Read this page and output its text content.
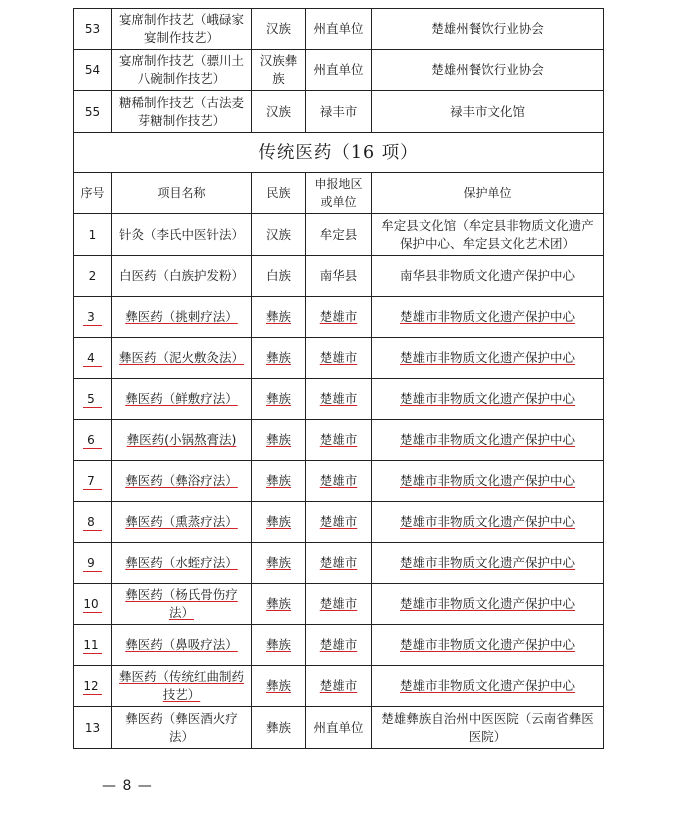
53	宴席制作技艺（峨碌家宴制作技艺）	汉族	州直单位	楚雄州餐饮行业协会
54	宴席制作技艺（骠川土八碗制作技艺）	汉族彝族	州直单位	楚雄州餐饮行业协会
55	糖稀制作技艺（古法麦芽糖制作技艺）	汉族	禄丰市	禄丰市文化馆
传统医药（16 项）				
序号	项目名称	民族	申报地区或单位	保护单位
1	针灸（李氏中医针法）	汉族	牟定县	牟定县文化馆（牟定县非物质文化遗产保护中心、牟定县文化艺术团）
2	白医药（白族护发粉）	白族	南华县	南华县非物质文化遗产保护中心
3	彝医药（挑刺疗法）	彝族	楚雄市	楚雄市非物质文化遗产保护中心
4	彝医药（泥火敷灸法）	彝族	楚雄市	楚雄市非物质文化遗产保护中心
5	彝医药（鲜敷疗法）	彝族	楚雄市	楚雄市非物质文化遗产保护中心
6	彝医药(小锅熬膏法)	彝族	楚雄市	楚雄市非物质文化遗产保护中心
7	彝医药（彝浴疗法）	彝族	楚雄市	楚雄市非物质文化遗产保护中心
8	彝医药（熏蒸疗法）	彝族	楚雄市	楚雄市非物质文化遗产保护中心
9	彝医药（水蛭疗法）	彝族	楚雄市	楚雄市非物质文化遗产保护中心
10	彝医药（杨氏骨伤疗法）	彝族	楚雄市	楚雄市非物质文化遗产保护中心
11	彝医药（鼻吸疗法）	彝族	楚雄市	楚雄市非物质文化遗产保护中心
12	彝医药（传统红曲制药技艺）	彝族	楚雄市	楚雄市非物质文化遗产保护中心
13	彝医药（彝医酒火疗法）	彝族	州直单位	楚雄彝族自治州中医医院（云南省彝医医院）
— 8 —
